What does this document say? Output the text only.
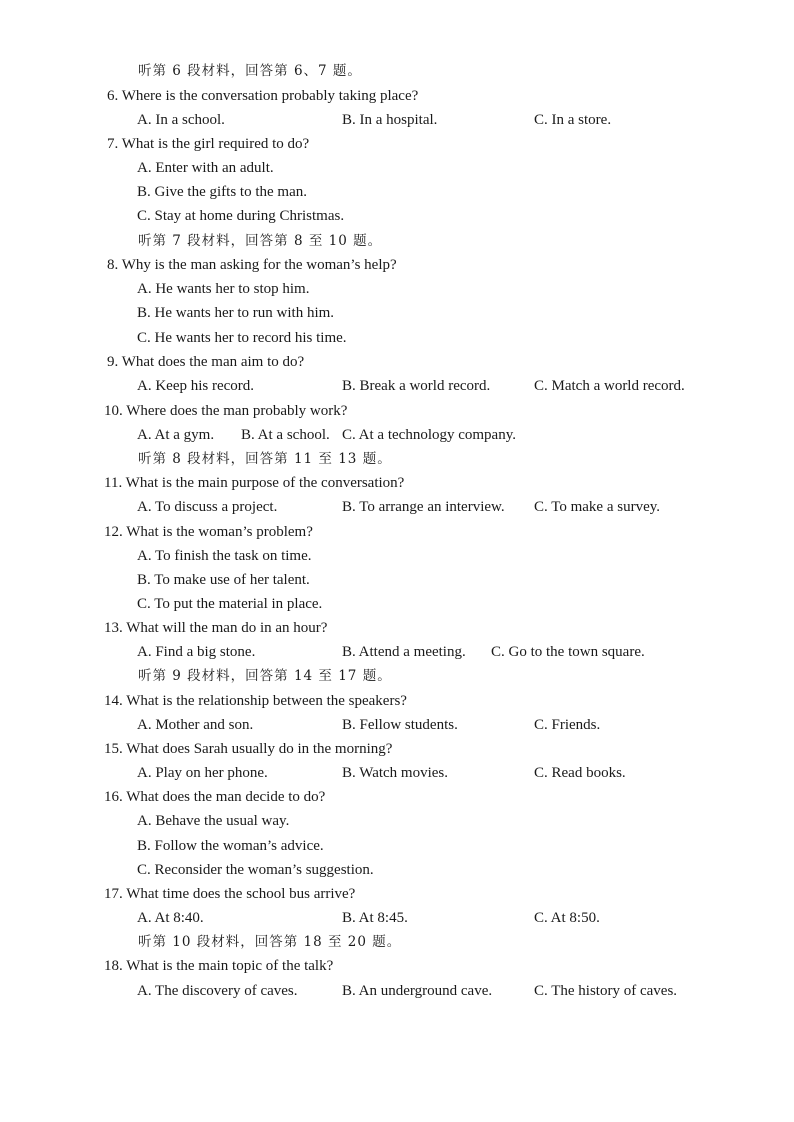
听第 6 段材料，回答第 6、7 题。
6. Where is the conversation probably taking place?
A. In a school.	B. In a hospital.	C. In a store.
7. What is the girl required to do?
A. Enter with an adult.
B. Give the gifts to the man.
C. Stay at home during Christmas.
听第 7 段材料，回答第 8 至 10 题。
8. Why is the man asking for the woman’s help?
A. He wants her to stop him.
B. He wants her to run with him.
C. He wants her to record his time.
9. What does the man aim to do?
A. Keep his record.	B. Break a world record.	C. Match a world record.
10. Where does the man probably work?
A. At a gym. B. At a school. C. At a technology company.
听第 8 段材料，回答第 11 至 13 题。
11. What is the main purpose of the conversation?
A. To discuss a project.	B. To arrange an interview. C. To make a survey.
12. What is the woman’s problem?
A. To finish the task on time.
B. To make use of her talent.
C. To put the material in place.
13. What will the man do in an hour?
A. Find a big stone.	B. Attend a meeting. C. Go to the town square.
听第 9 段材料，回答第 14 至 17 题。
14. What is the relationship between the speakers?
A. Mother and son.	B. Fellow students.	C. Friends.
15. What does Sarah usually do in the morning?
A. Play on her phone.	B. Watch movies.	C. Read books.
16. What does the man decide to do?
A. Behave the usual way.
B. Follow the woman’s advice.
C. Reconsider the woman’s suggestion.
17. What time does the school bus arrive?
A. At 8:40.	B. At 8:45.	C. At 8:50.
听第 10 段材料，回答第 18 至 20 题。
18. What is the main topic of the talk?
A. The discovery of caves.	B. An underground cave.	C. The history of caves.
